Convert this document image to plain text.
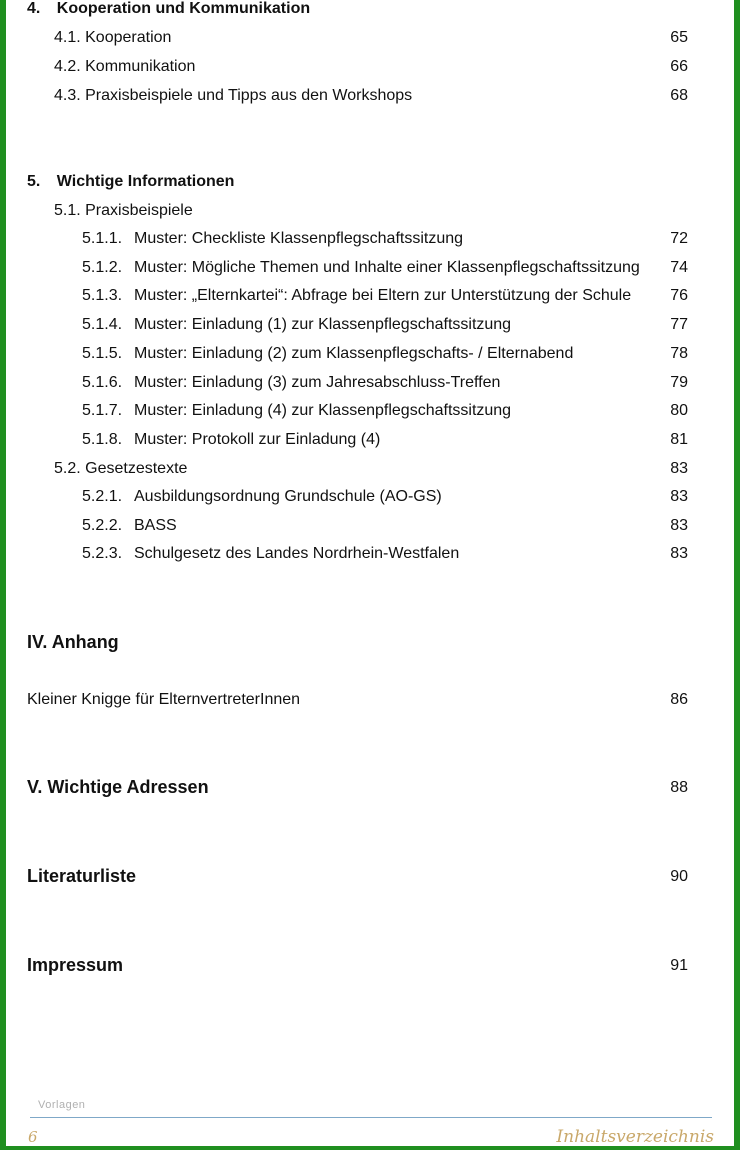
4. Kooperation und Kommunikation
4.1. Kooperation	65
4.2. Kommunikation	66
4.3. Praxisbeispiele und Tipps aus den Workshops	68
5. Wichtige Informationen
5.1. Praxisbeispiele
5.1.1. Muster: Checkliste Klassenpflegschaftssitzung	72
5.1.2. Muster: Mögliche Themen und Inhalte einer Klassenpflegschaftssitzung 74
5.1.3. Muster: „Elternkartei“: Abfrage bei Eltern zur Unterstützung der Schule 76
5.1.4. Muster: Einladung (1) zur Klassenpflegschaftssitzung	77
5.1.5. Muster: Einladung (2) zum Klassenpflegschafts- / Elternabend	78
5.1.6. Muster: Einladung (3) zum Jahresabschluss-Treffen	79
5.1.7. Muster: Einladung (4) zur Klassenpflegschaftssitzung	80
5.1.8. Muster: Protokoll zur Einladung (4)	81
5.2. Gesetzestexte	83
5.2.1. Ausbildungsordnung Grundschule (AO-GS)	83
5.2.2. BASS	83
5.2.3. Schulgesetz des Landes Nordrhein-Westfalen	83
IV. Anhang
Kleiner Knigge für ElternvertreterInnen	86
V. Wichtige Adressen	88
Literaturliste	90
Impressum	91
Vorlagen
6	Inhaltsverzeichnis
